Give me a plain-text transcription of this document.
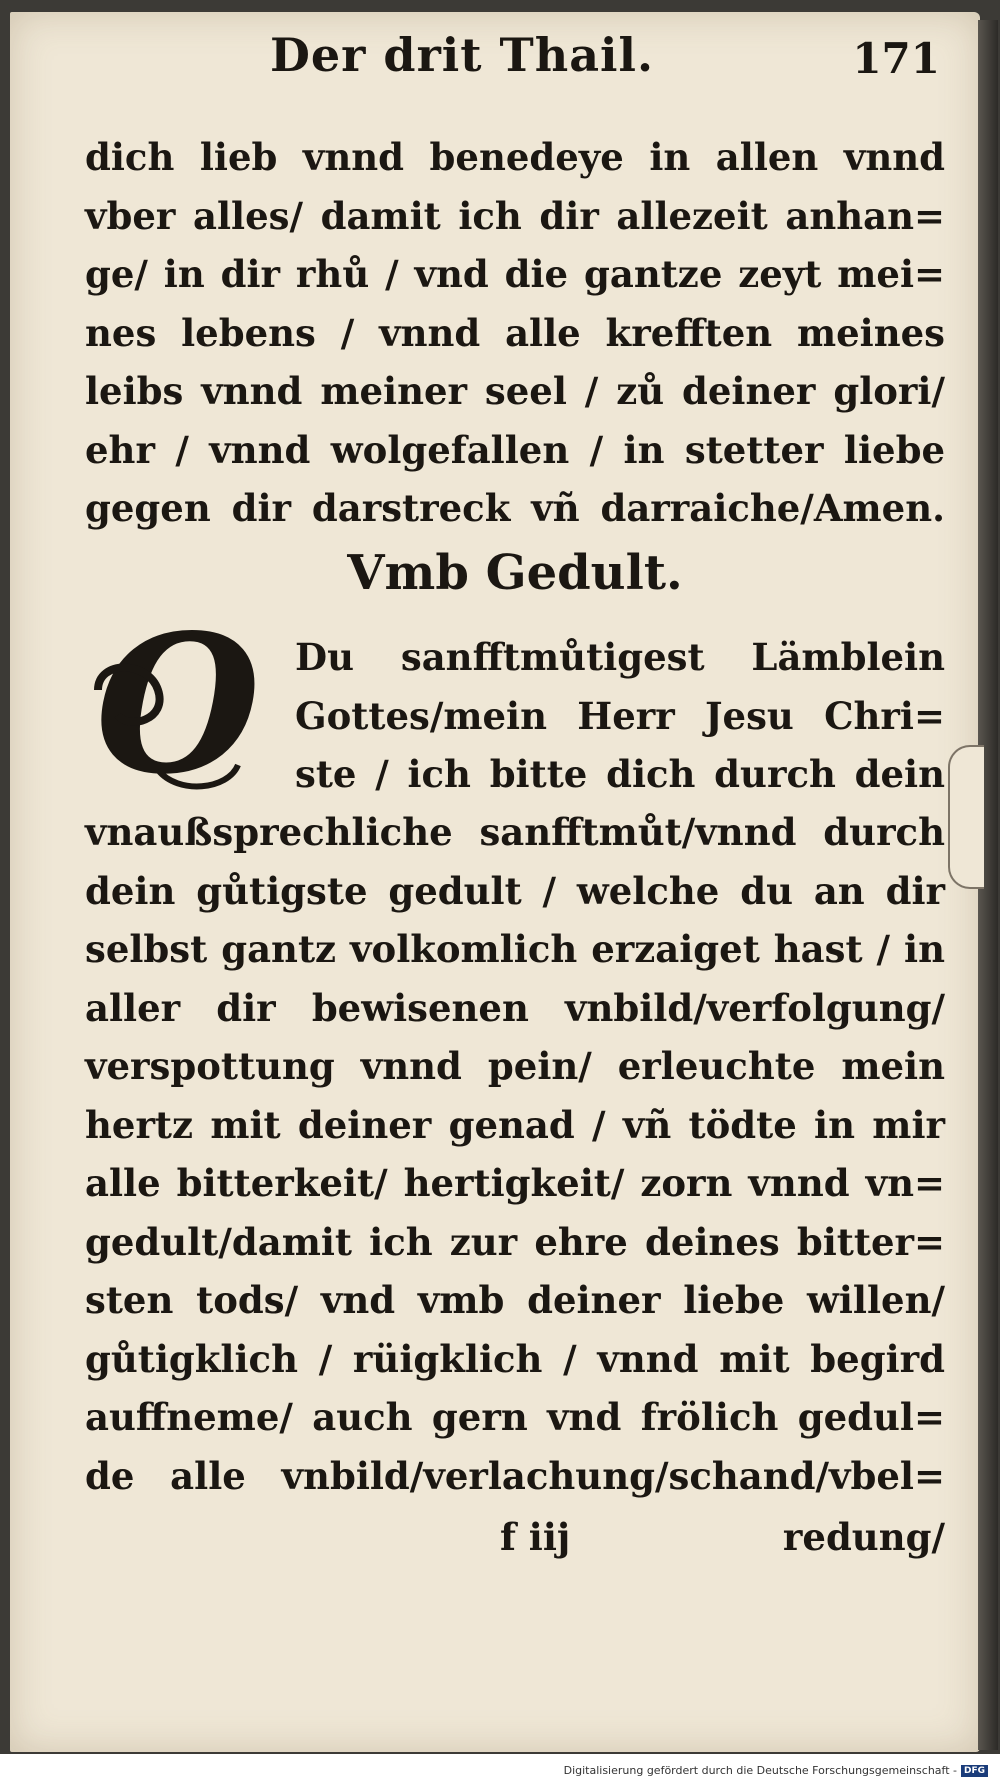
Der drit Thail.	171
dich lieb vnnd benedeye in allen vnnd
vber alles/ damit ich dir allezeit anhan=
ge/ in dir rhů / vnd die gantze zeyt mei=
nes lebens / vnnd alle krefften meines
leibs vnnd meiner seel / zů deiner glori/
ehr / vnnd wolgefallen / in stetter liebe
gegen dir darstreck vñ darraiche/Amen.
Vmb Gedult.
O Du sanfftmůtigest Lämblein
Gottes/mein Herr Jesu Chri=
ste / ich bitte dich durch dein
vnaußsprechliche sanfftmůt/vnnd durch
dein gůtigste gedult / welche du an dir
selbst gantz volkomlich erzaiget hast / in
aller dir bewisenen vnbild/verfolgung/
verspottung vnnd pein/ erleuchte mein
hertz mit deiner genad / vñ tödte in mir
alle bitterkeit/ hertigkeit/ zorn vnnd vn=
gedult/damit ich zur ehre deines bitter=
sten tods/ vnd vmb deiner liebe willen/
gůtigklich / rüigklich / vnnd mit begird
auffneme/ auch gern vnd frölich gedul=
de alle vnbild/verlachung/schand/vbel=
f iij	redung/
Digitalisierung gefördert durch die Deutsche Forschungsgemeinschaft - DFG
